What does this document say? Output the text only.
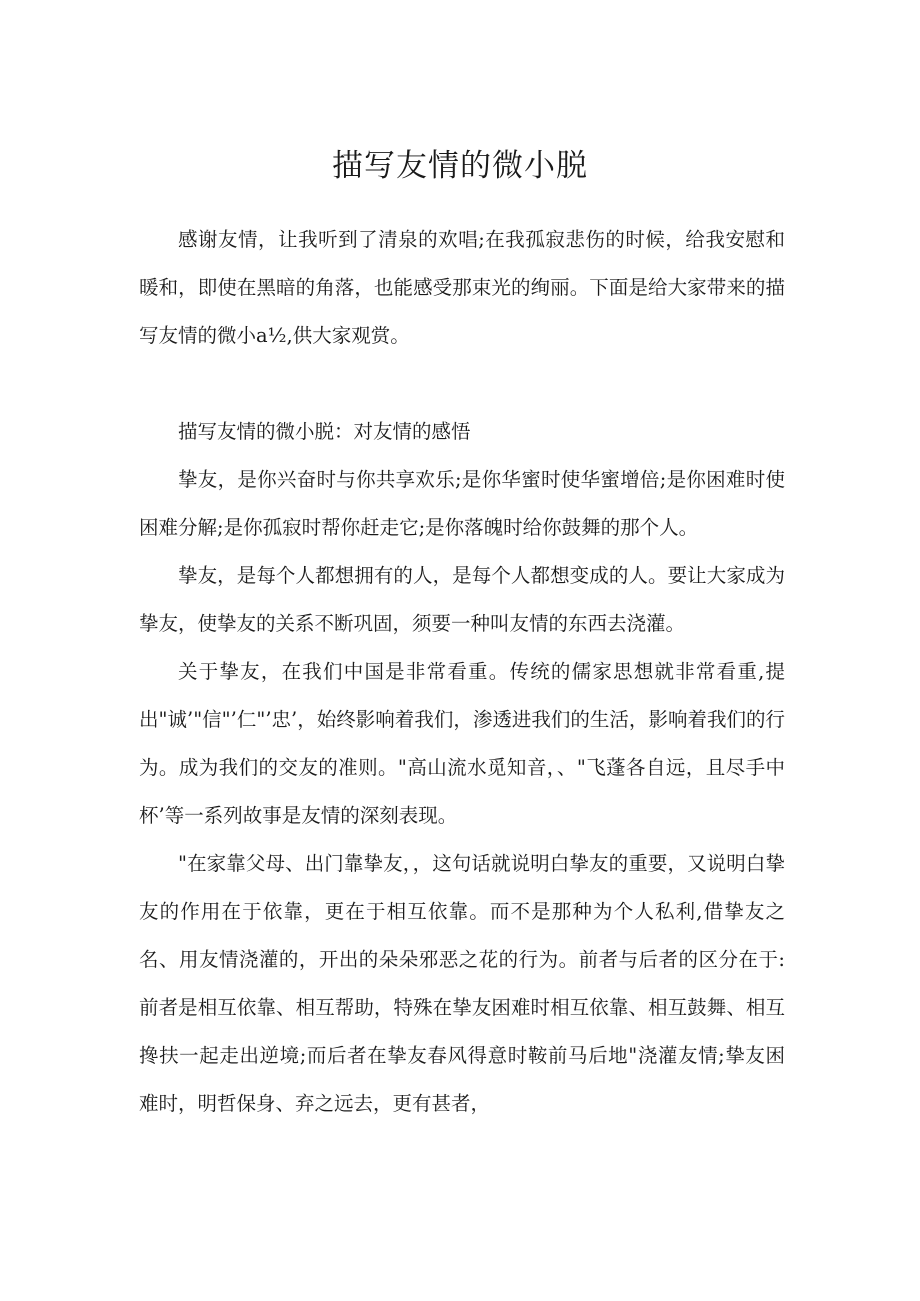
描写友情的微小脱

感谢友情，让我听到了清泉的欢唱;在我孤寂悲伤的时候，给我安慰和暖和，即使在黑暗的角落，也能感受那束光的绚丽。下面是给大家带来的描写友情的微小a½,供大家观赏。

描写友情的微小脱：对友情的感悟

挚友，是你兴奋时与你共享欢乐;是你华蜜时使华蜜增倍;是你困难时使困难分解;是你孤寂时帮你赶走它;是你落魄时给你鼓舞的那个人。

挚友，是每个人都想拥有的人，是每个人都想变成的人。要让大家成为挚友，使挚友的关系不断巩固，须要一种叫友情的东西去浇灌。

关于挚友，在我们中国是非常看重。传统的儒家思想就非常看重,提出"诚’"信"’仁"’忠’，始终影响着我们，渗透进我们的生活，影响着我们的行为。成为我们的交友的准则。"高山流水觅知音，、"飞蓬各自远，且尽手中杯’等一系列故事是友情的深刻表现。

"在家靠父母、出门靠挚友，，这句话就说明白挚友的重要，又说明白挚友的作用在于依靠，更在于相互依靠。而不是那种为个人私利,借挚友之名、用友情浇灌的，开出的朵朵邪恶之花的行为。前者与后者的区分在于:前者是相互依靠、相互帮助，特殊在挚友困难时相互依靠、相互鼓舞、相互搀扶一起走出逆境;而后者在挚友春风得意时鞍前马后地"浇灌友情;挚友困难时，明哲保身、弃之远去，更有甚者，
